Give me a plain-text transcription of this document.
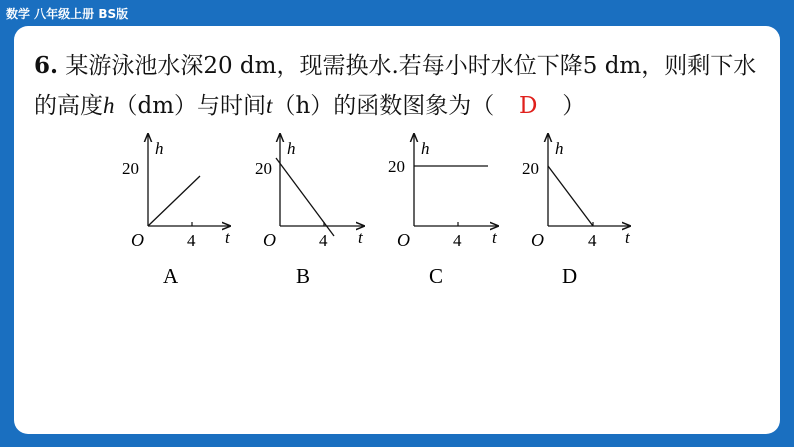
数学 八年级上册 BS版
6. 某游泳池水深20 dm，现需换水.若每小时水位下降5 dm，则剩下水的高度h（dm）与时间t（h）的函数图象为（ D ）
h
20
O	4 t
A
h
20
O	4 t
B
h
20
O	4 t
C
h
20
O	4 t
D
